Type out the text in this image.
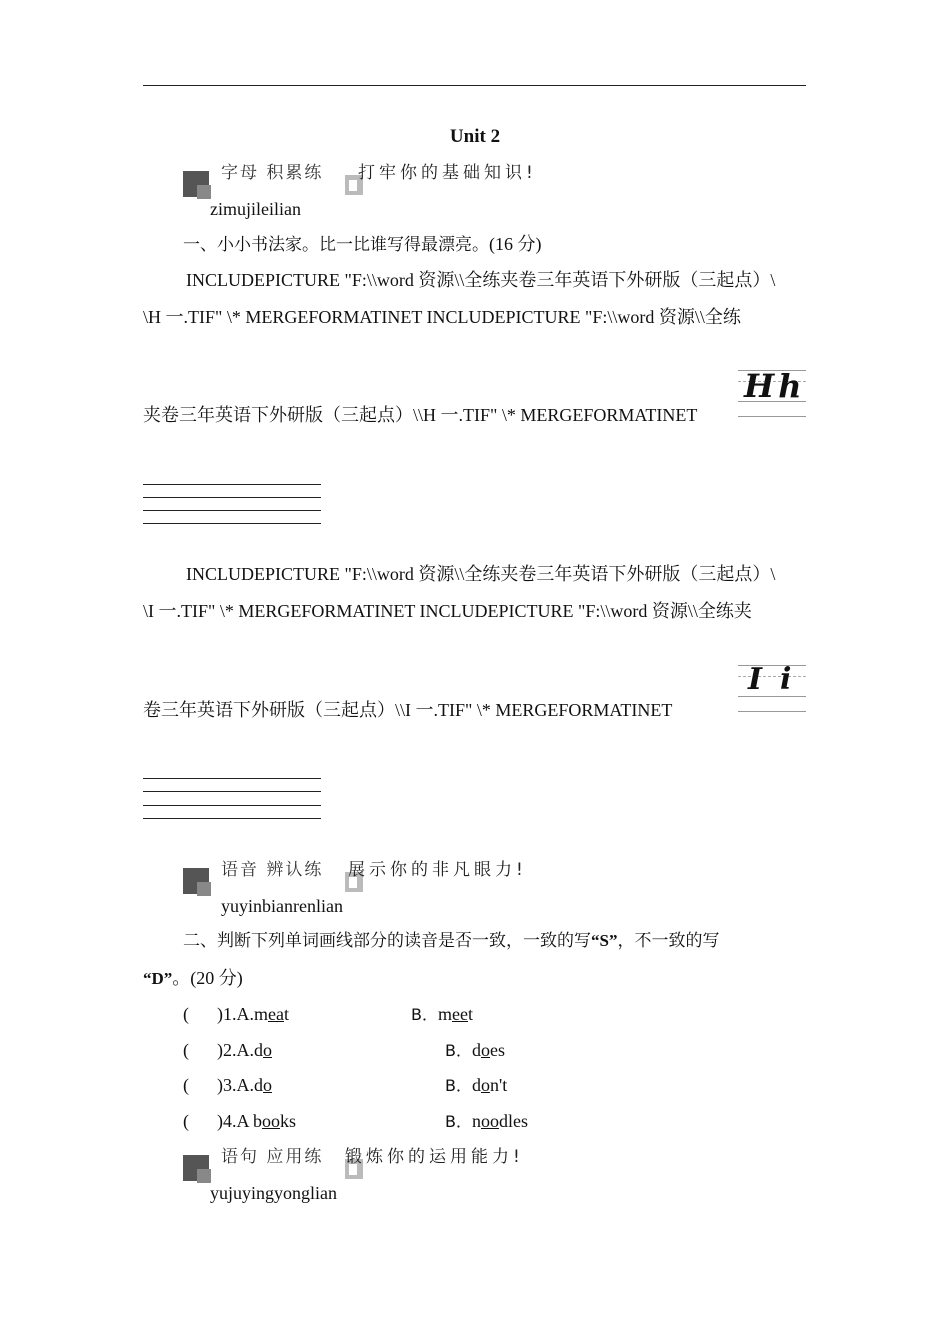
Unit 2
字母 积累练 打牢你的基础知识!
zimujileilian
一、小小书法家。比一比谁写得最漂亮。(16 分)
INCLUDEPICTURE "F:\\word 资源\\全练夹卷三年英语下外研版（三起点）\
\H 一.TIF" \* MERGEFORMATINET INCLUDEPICTURE "F:\\word 资源\\全练
夹卷三年英语下外研版（三起点）\\H 一.TIF" \* MERGEFORMATINET
Hh
INCLUDEPICTURE "F:\\word 资源\\全练夹卷三年英语下外研版（三起点）\
\I 一.TIF" \* MERGEFORMATINET INCLUDEPICTURE "F:\\word 资源\\全练夹
卷三年英语下外研版（三起点）\\I 一.TIF" \* MERGEFORMATINET
Ii
语音 辨认练 展示你的非凡眼力!
yuyinbianrenlian
二、判断下列单词画线部分的读音是否一致，一致的写“S”，不一致的写
“D”。(20 分)
( )1.A.meat	B．meet
( )2.A.do	B．does
( )3.A.do	B．don't
( )4.A books	B．noodles
语句 应用练 锻炼你的运用能力!
yujuyingyonglian
